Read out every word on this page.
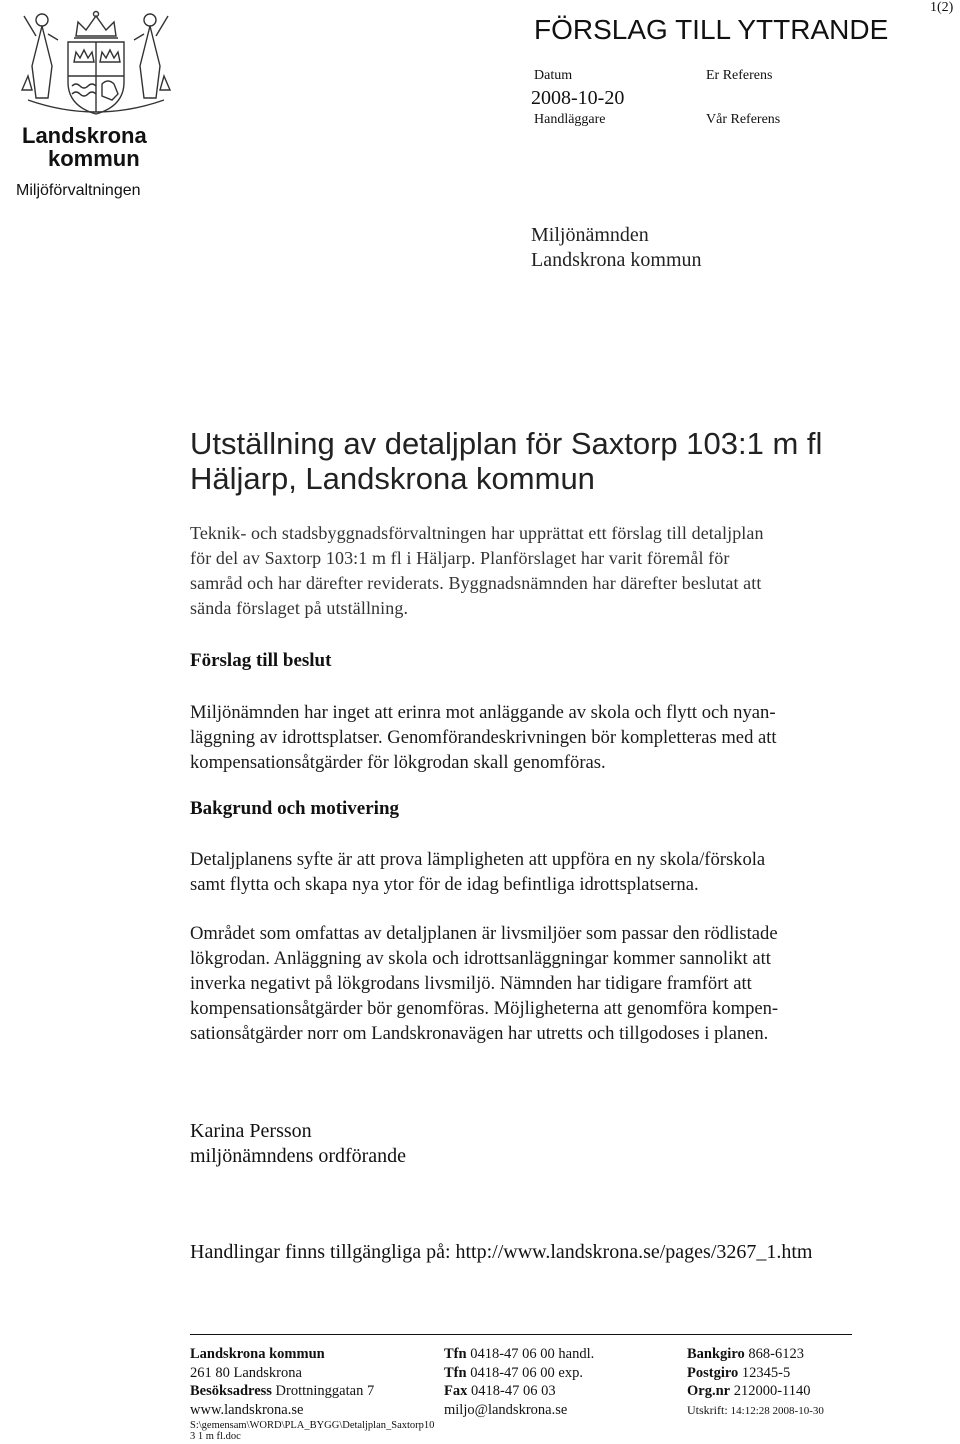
1(2)
Landskrona
kommun
Miljöförvaltningen
FÖRSLAG TILL YTTRANDE
Datum
2008-10-20
Handläggare
Er Referens
Vår Referens
Miljönämnden
Landskrona kommun
Utställning av detaljplan för Saxtorp 103:1 m fl
Häljarp, Landskrona kommun
Teknik- och stadsbyggnadsförvaltningen har upprättat ett förslag till detaljplan
för del av Saxtorp 103:1 m fl i Häljarp. Planförslaget har varit föremål för
samråd och har därefter reviderats. Byggnadsnämnden har därefter beslutat att
sända förslaget på utställning.
Förslag till beslut
Miljönämnden har inget att erinra mot anläggande av skola och flytt och nyan-
läggning av idrottsplatser. Genomförandeskrivningen bör kompletteras med att
kompensationsåtgärder för lökgrodan skall genomföras.
Bakgrund och motivering
Detaljplanens syfte är att prova lämpligheten att uppföra en ny skola/förskola
samt flytta och skapa nya ytor för de idag befintliga idrottsplatserna.
Området som omfattas av detaljplanen är livsmiljöer som passar den rödlistade
lökgrodan. Anläggning av skola och idrottsanläggningar kommer sannolikt att
inverka negativt på lökgrodans livsmiljö. Nämnden har tidigare framfört att
kompensationsåtgärder bör genomföras. Möjligheterna att genomföra kompen-
sationsåtgärder norr om Landskronavägen har utretts och tillgodoses i planen.
Karina Persson
miljönämndens ordförande
Handlingar finns tillgängliga på: http://www.landskrona.se/pages/3267_1.htm
Landskrona kommun
261 80 Landskrona
Besöksadress Drottninggatan 7
www.landskrona.se
S:\gemensam\WORD\PLA_BYGG\Detaljplan_Saxtorp10
3 1 m fl.doc
Tfn 0418-47 06 00 handl.
Tfn 0418-47 06 00 exp.
Fax 0418-47 06 03
miljo@landskrona.se
Bankgiro 868-6123
Postgiro 12345-5
Org.nr 212000-1140
Utskrift: 14:12:28 2008-10-30
